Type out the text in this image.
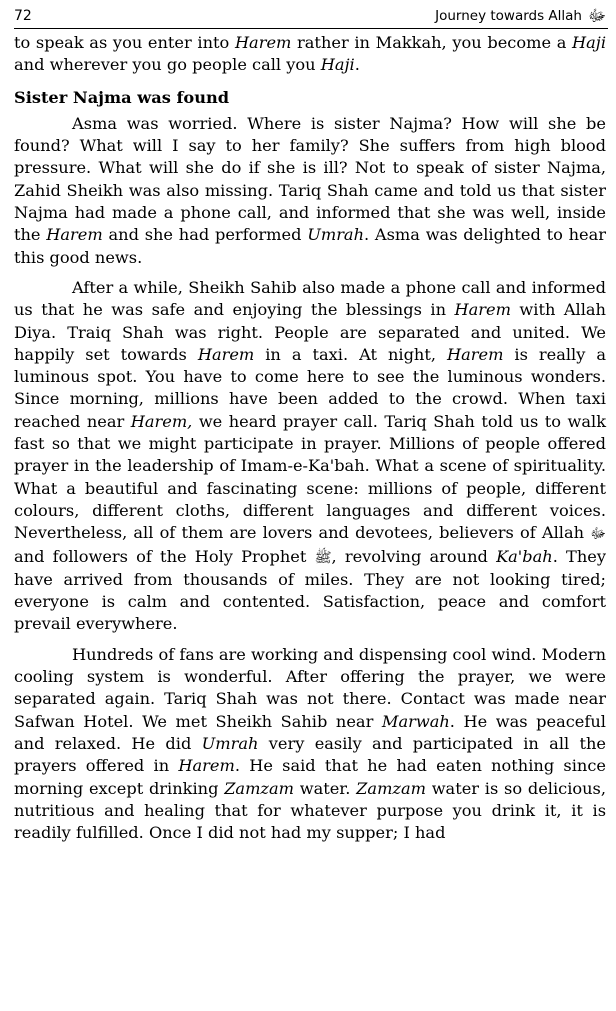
72	Journey towards Allah ﷻ

to speak as you enter into Harem rather in Makkah, you become a Haji and wherever you go people call you Haji.

Sister Najma was found

Asma was worried. Where is sister Najma? How will she be found? What will I say to her family? She suffers from high blood pressure. What will she do if she is ill? Not to speak of sister Najma, Zahid Sheikh was also missing. Tariq Shah came and told us that sister Najma had made a phone call, and informed that she was well, inside the Harem and she had performed Umrah. Asma was delighted to hear this good news.

After a while, Sheikh Sahib also made a phone call and informed us that he was safe and enjoying the blessings in Harem with Allah Diya. Traiq Shah was right. People are separated and united. We happily set towards Harem in a taxi. At night, Harem is really a luminous spot. You have to come here to see the luminous wonders. Since morning, millions have been added to the crowd. When taxi reached near Harem, we heard prayer call. Tariq Shah told us to walk fast so that we might participate in prayer. Millions of people offered prayer in the leadership of Imam-e-Ka'bah. What a scene of spirituality. What a beautiful and fascinating scene: millions of people, different colours, different cloths, different languages and different voices. Nevertheless, all of them are lovers and devotees, believers of Allah ﷻ and followers of the Holy Prophet ﷺ, revolving around Ka'bah. They have arrived from thousands of miles. They are not looking tired; everyone is calm and contented. Satisfaction, peace and comfort prevail everywhere.

Hundreds of fans are working and dispensing cool wind. Modern cooling system is wonderful. After offering the prayer, we were separated again. Tariq Shah was not there. Contact was made near Safwan Hotel. We met Sheikh Sahib near Marwah. He was peaceful and relaxed. He did Umrah very easily and participated in all the prayers offered in Harem. He said that he had eaten nothing since morning except drinking Zamzam water. Zamzam water is so delicious, nutritious and healing that for whatever purpose you drink it, it is readily fulfilled. Once I did not had my supper; I had
